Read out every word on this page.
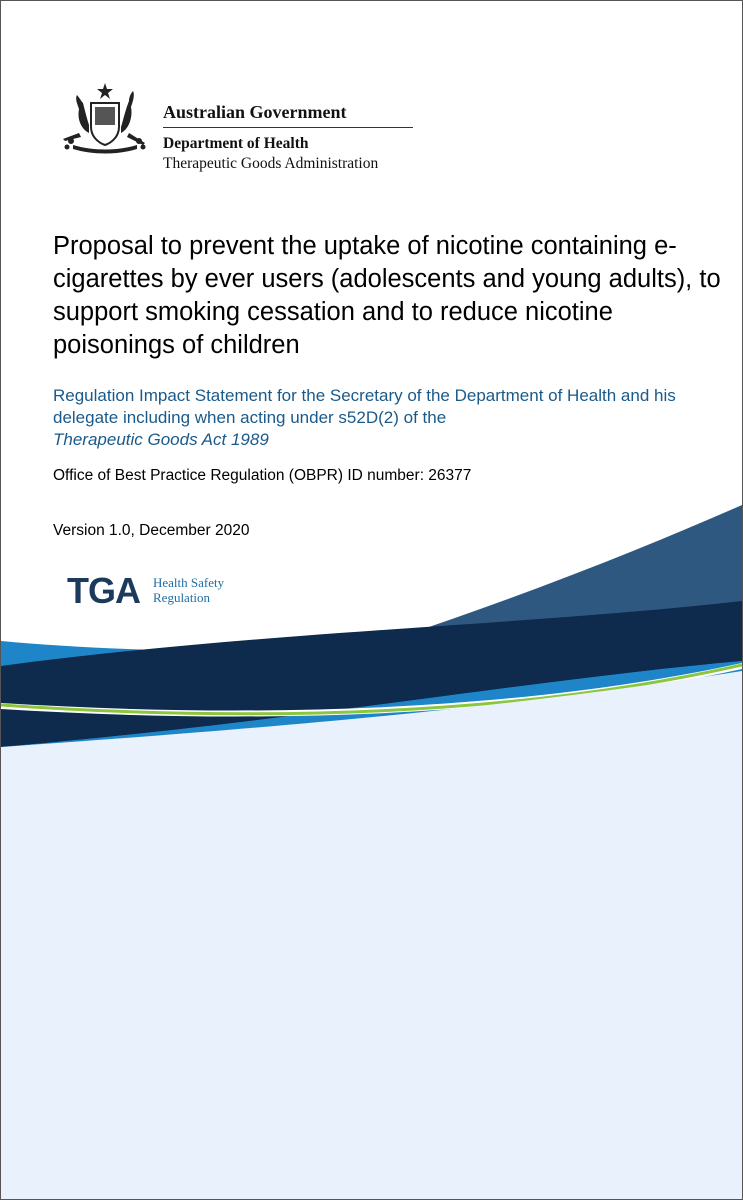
Australian Government
Department of Health
Therapeutic Goods Administration
Proposal to prevent the uptake of nicotine containing e-cigarettes by ever users (adolescents and young adults), to support smoking cessation and to reduce nicotine poisonings of children
Regulation Impact Statement for the Secretary of the Department of Health and his delegate including when acting under s52D(2) of the
Therapeutic Goods Act 1989
Office of Best Practice Regulation (OBPR) ID number: 26377
Version 1.0, December 2020
TGA Health Safety
Regulation
